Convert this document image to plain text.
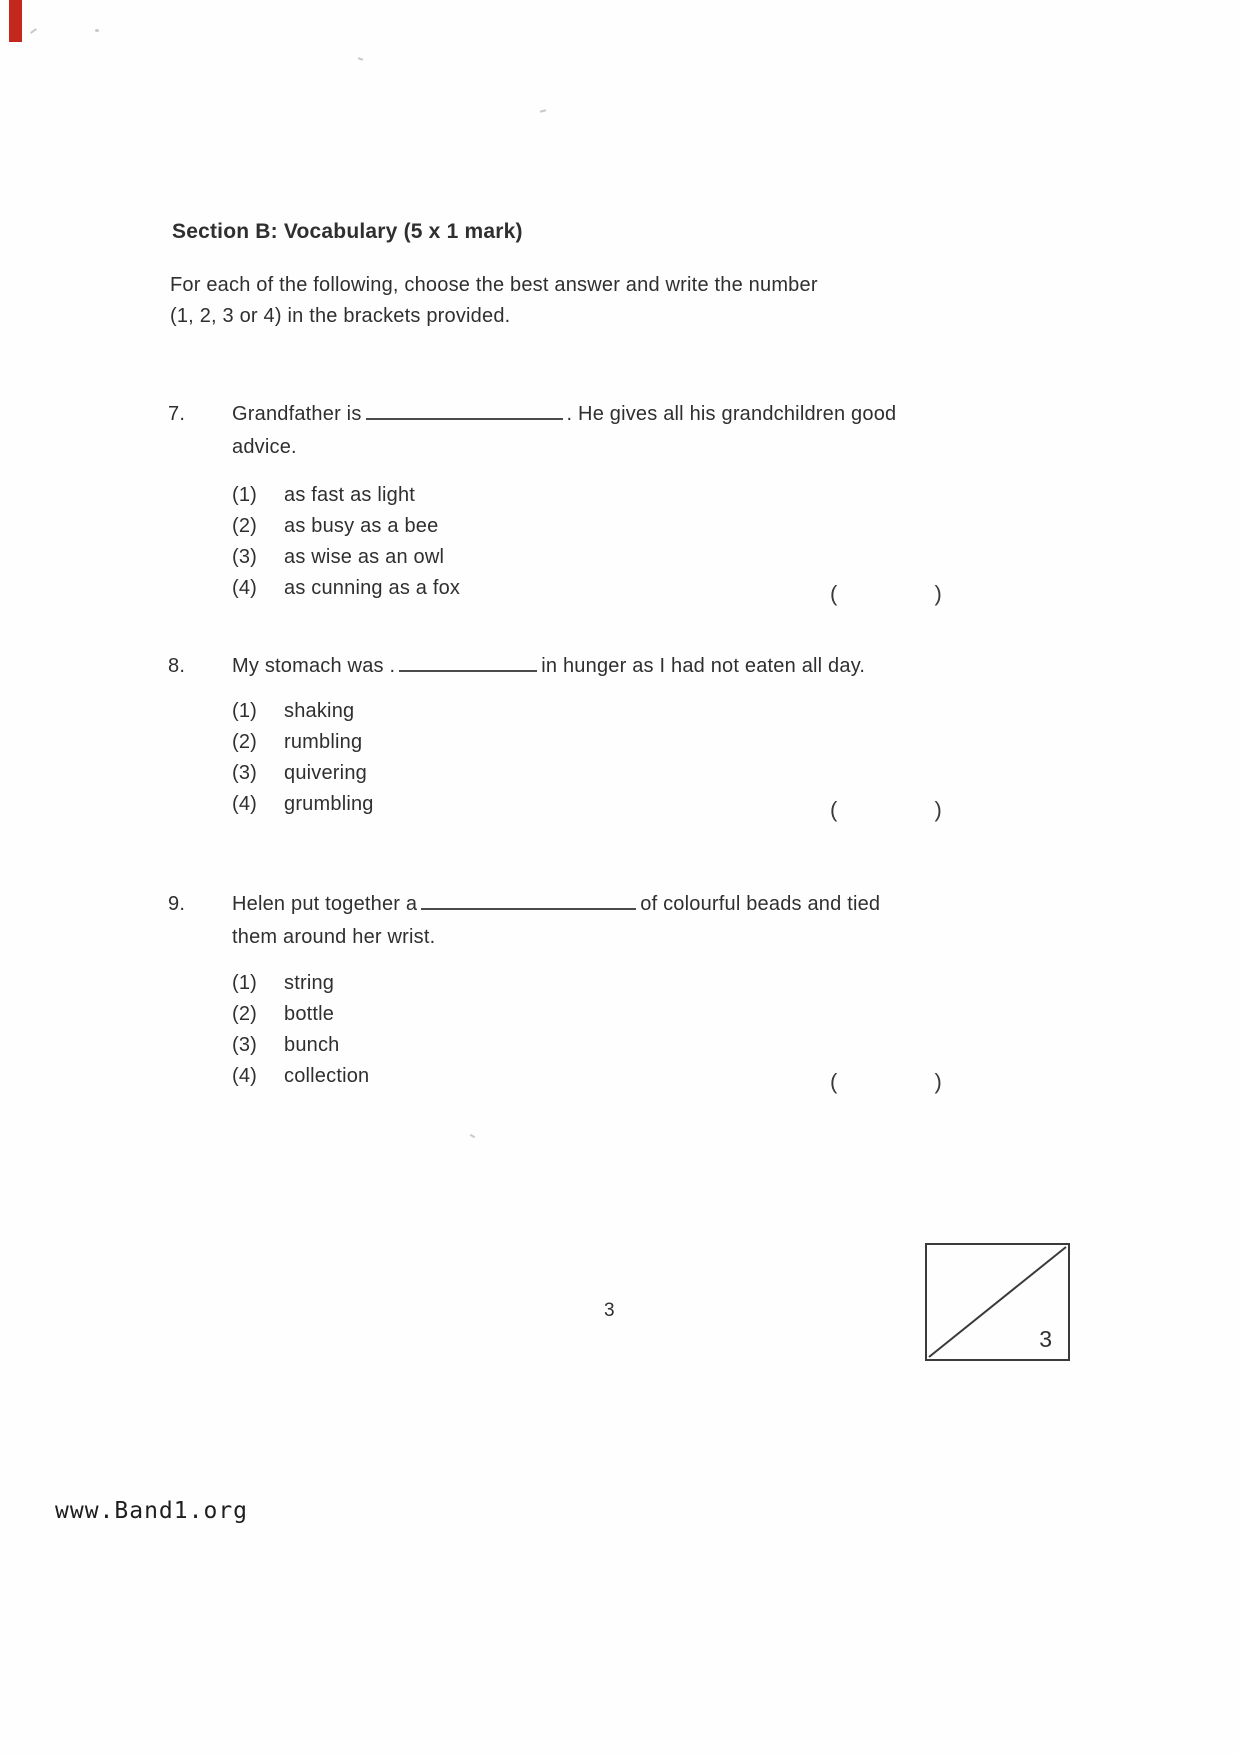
Section B: Vocabulary (5 x 1 mark)
For each of the following, choose the best answer and write the number
(1, 2, 3 or 4) in the brackets provided.
7.	Grandfather is	. He gives all his grandchildren good
advice.
(1) as fast as light
(2) as busy as a bee
(3) as wise as an owl
(4) as cunning as a fox	(	)
8.	My stomach was .	in hunger as I had not eaten all day.
(1) shaking
(2) rumbling
(3) quivering
(4) grumbling	(	)
9.	Helen put together a	of colourful beads and tied
them around her wrist.
(1) string
(2) bottle
(3) bunch
(4) collection	(	)
3
3
www.Band1.org
